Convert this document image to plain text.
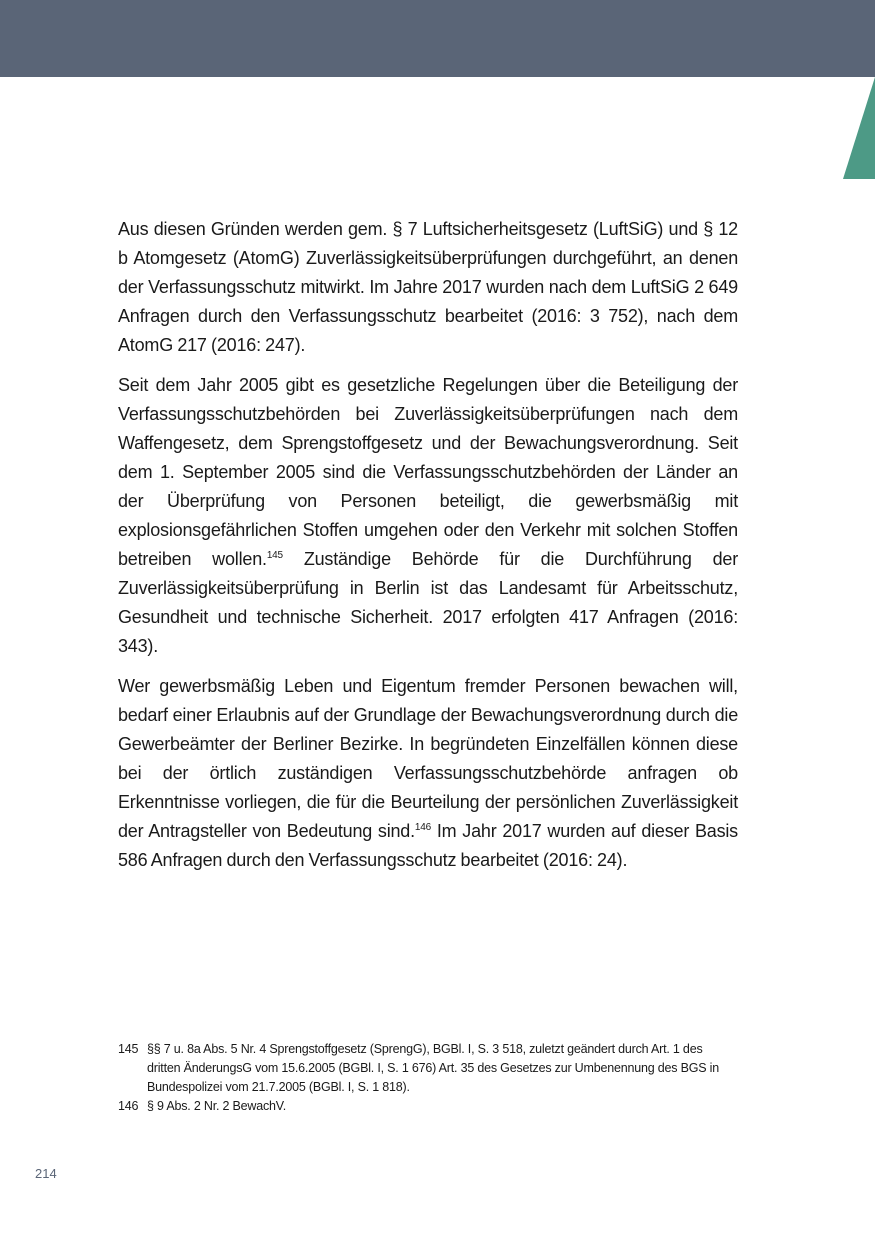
Aus diesen Gründen werden gem. § 7 Luftsicherheitsgesetz (LuftSiG) und § 12 b Atomgesetz (AtomG) Zuverlässigkeitsüberprüfungen durchgeführt, an denen der Verfassungsschutz mitwirkt. Im Jahre 2017 wurden nach dem LuftSiG 2 649 Anfragen durch den Verfassungsschutz bearbeitet (2016: 3 752), nach dem AtomG 217 (2016: 247).

Seit dem Jahr 2005 gibt es gesetzliche Regelungen über die Beteiligung der Verfassungsschutzbehörden bei Zuverlässigkeitsüberprüfungen nach dem Waffengesetz, dem Sprengstoffgesetz und der Bewachungsverordnung. Seit dem 1. September 2005 sind die Verfassungsschutzbehörden der Länder an der Überprüfung von Personen beteiligt, die gewerbsmäßig mit explosionsgefährlichen Stoffen umgehen oder den Verkehr mit solchen Stoffen betreiben wollen.$^{145}$ Zuständige Behörde für die Durchführung der Zuverlässigkeitsüberprüfung in Berlin ist das Landesamt für Arbeitsschutz, Gesundheit und technische Sicherheit. 2017 erfolgten 417 Anfragen (2016: 343).

Wer gewerbsmäßig Leben und Eigentum fremder Personen bewachen will, bedarf einer Erlaubnis auf der Grundlage der Bewachungsverordnung durch die Gewerbeämter der Berliner Bezirke. In begründeten Einzelfällen können diese bei der örtlich zuständigen Verfassungsschutzbehörde anfragen ob Erkenntnisse vorliegen, die für die Beurteilung der persönlichen Zuverlässigkeit der Antragsteller von Bedeutung sind.$^{146}$ Im Jahr 2017 wurden auf dieser Basis 586 Anfragen durch den Verfassungsschutz bearbeitet (2016: 24).

145 §§ 7 u. 8a Abs. 5 Nr. 4 Sprengstoffgesetz (SprengG), BGBl. I, S. 3 518, zuletzt geändert durch Art. 1 des dritten ÄnderungsG vom 15.6.2005 (BGBl. I, S. 1 676) Art. 35 des Gesetzes zur Umbenennung des BGS in Bundespolizei vom 21.7.2005 (BGBl. I, S. 1 818).
146 § 9 Abs. 2 Nr. 2 BewachV.
214
